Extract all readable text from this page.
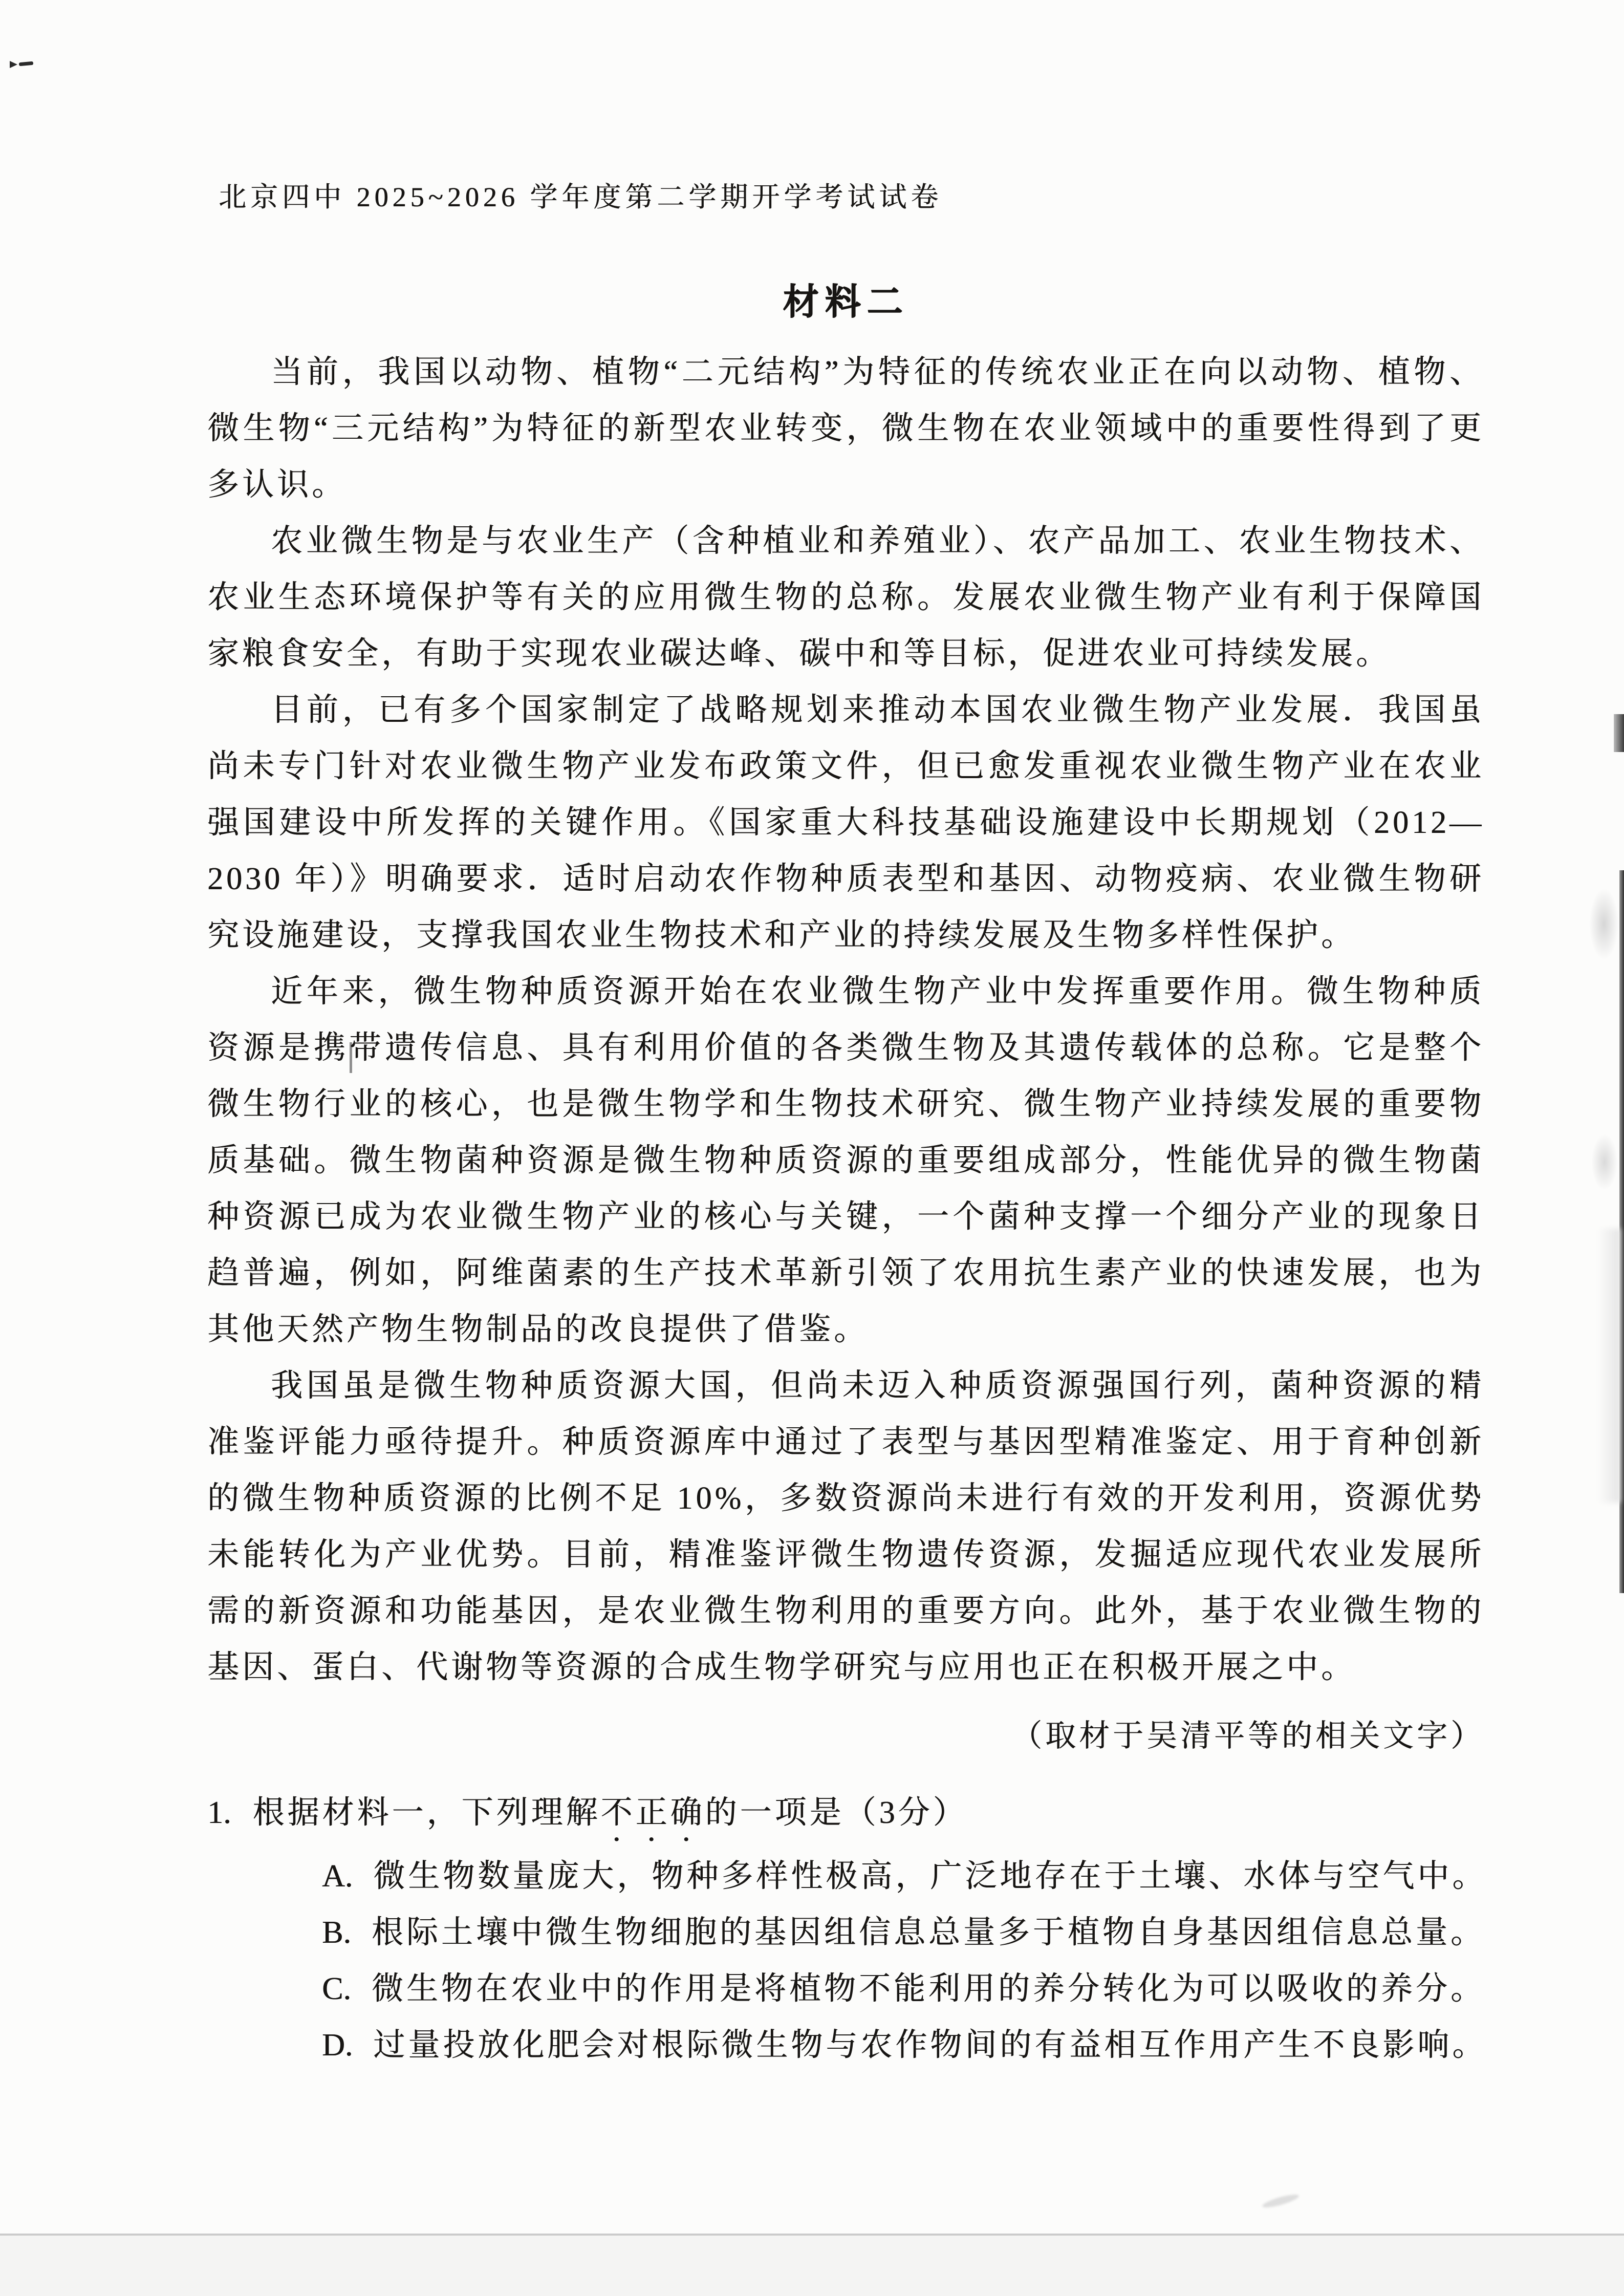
北京四中 2025~2026 学年度第二学期开学考试试卷
材料二

当前，我国以动物、植物“二元结构”为特征的传统农业正在向以动物、植物、微生物“三元结构”为特征的新型农业转变，微生物在农业领域中的重要性得到了更多认识。

农业微生物是与农业生产（含种植业和养殖业）、农产品加工、农业生物技术、农业生态环境保护等有关的应用微生物的总称。发展农业微生物产业有利于保障国家粮食安全，有助于实现农业碳达峰、碳中和等目标，促进农业可持续发展。

目前，已有多个国家制定了战略规划来推动本国农业微生物产业发展．我国虽尚未专门针对农业微生物产业发布政策文件，但已愈发重视农业微生物产业在农业强国建设中所发挥的关键作用。《国家重大科技基础设施建设中长期规划（2012—2030 年）》明确要求．适时启动农作物种质表型和基因、动物疫病、农业微生物研究设施建设，支撑我国农业生物技术和产业的持续发展及生物多样性保护。

近年来，微生物种质资源开始在农业微生物产业中发挥重要作用。微生物种质资源是携带遗传信息、具有利用价值的各类微生物及其遗传载体的总称。它是整个微生物行业的核心，也是微生物学和生物技术研究、微生物产业持续发展的重要物质基础。微生物菌种资源是微生物种质资源的重要组成部分，性能优异的微生物菌种资源已成为农业微生物产业的核心与关键，一个菌种支撑一个细分产业的现象日趋普遍，例如，阿维菌素的生产技术革新引领了农用抗生素产业的快速发展，也为其他天然产物生物制品的改良提供了借鉴。

我国虽是微生物种质资源大国，但尚未迈入种质资源强国行列，菌种资源的精准鉴评能力亟待提升。种质资源库中通过了表型与基因型精准鉴定、用于育种创新的微生物种质资源的比例不足 10%，多数资源尚未进行有效的开发利用，资源优势未能转化为产业优势。目前，精准鉴评微生物遗传资源，发掘适应现代农业发展所需的新资源和功能基因，是农业微生物利用的重要方向。此外，基于农业微生物的基因、蛋白、代谢物等资源的合成生物学研究与应用也正在积极开展之中。

（取材于吴清平等的相关文字）
1. 根据材料一，下列理解不正确的一项是（3分）
A. 微生物数量庞大，物种多样性极高，广泛地存在于土壤、水体与空气中。
B. 根际土壤中微生物细胞的基因组信息总量多于植物自身基因组信息总量。
C. 微生物在农业中的作用是将植物不能利用的养分转化为可以吸收的养分。
D. 过量投放化肥会对根际微生物与农作物间的有益相互作用产生不良影响。
